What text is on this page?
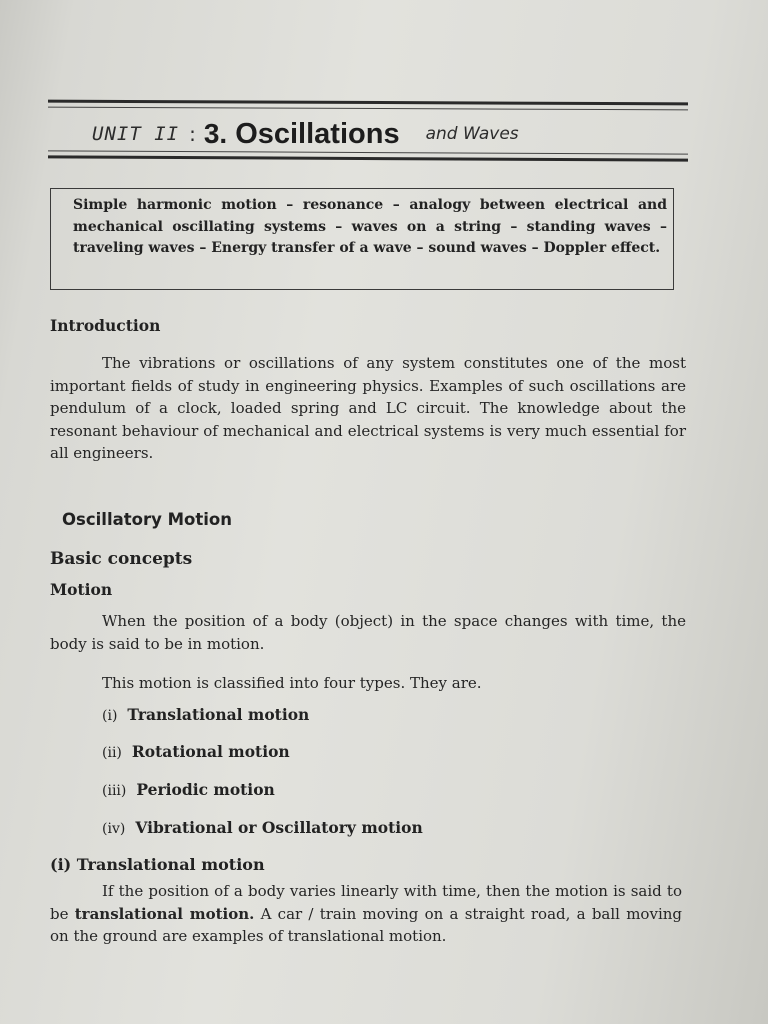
UNIT II : 3. Oscillations and Waves
Simple harmonic motion – resonance – analogy between electrical and mechanical oscillating systems – waves on a string – standing waves – traveling waves – Energy transfer of a wave – sound waves – Doppler effect.
Introduction
The vibrations or oscillations of any system constitutes one of the most important fields of study in engineering physics. Examples of such oscillations are pendulum of a clock, loaded spring and LC circuit. The knowledge about the resonant behaviour of mechanical and electrical systems is very much essential for all engineers.
Oscillatory Motion
Basic concepts
Motion
When the position of a body (object) in the space changes with time, the body is said to be in motion.
This motion is classified into four types. They are.
(i) Translational motion
(ii) Rotational motion
(iii) Periodic motion
(iv) Vibrational or Oscillatory motion
(i) Translational motion
If the position of a body varies linearly with time, then the motion is said to be translational motion. A car / train moving on a straight road, a ball moving on the ground are examples of translational motion.
